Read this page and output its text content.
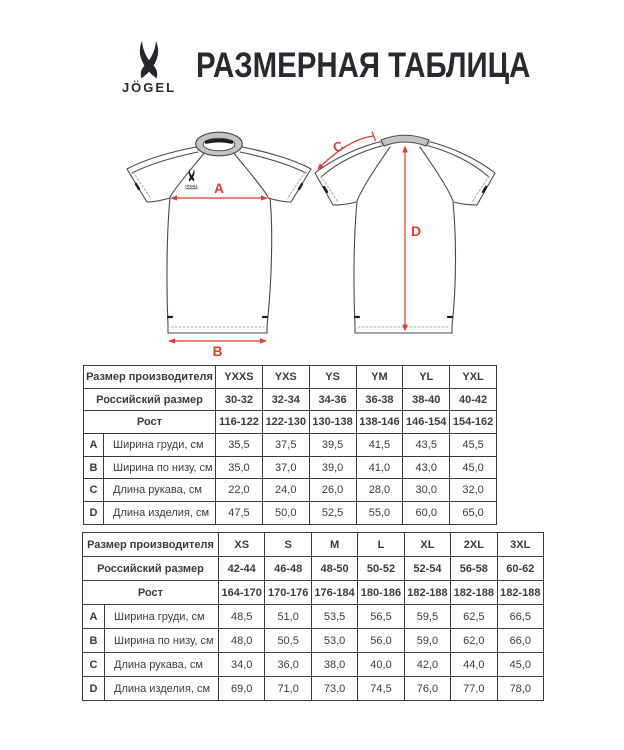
JÖGEL
РАЗМЕРНАЯ ТАБЛИЦА
JÖGEL A
B
C
D
Размер производителя		YXXS	YXS	YS	YM	YL	YXL
Российский размер		30-32	32-34	34-36	36-38	38-40	40-42
Рост		116-122	122-130	130-138	138-146	146-154	154-162
A	Ширина груди, см	35,5	37,5	39,5	41,5	43,5	45,5
B	Ширина по низу, см	35,0	37,0	39,0	41,0	43,0	45,0
C	Длина рукава, см	22,0	24,0	26,0	28,0	30,0	32,0
D	Длина изделия, см	47,5	50,0	52,5	55,0	60,0	65,0
Размер производителя		XS	S	M	L	XL	2XL	3XL
Российский размер		42-44	46-48	48-50	50-52	52-54	56-58	60-62
Рост		164-170	170-176	176-184	180-186	182-188	182-188	182-188
A	Ширина груди, см	48,5	51,0	53,5	56,5	59,5	62,5	66,5
B	Ширина по низу, см	48,0	50,5	53,0	56,0	59,0	62,0	66,0
C	Длина рукава, см	34,0	36,0	38,0	40,0	42,0	44,0	45,0
D	Длина изделия, см	69,0	71,0	73,0	74,5	76,0	77,0	78,0
